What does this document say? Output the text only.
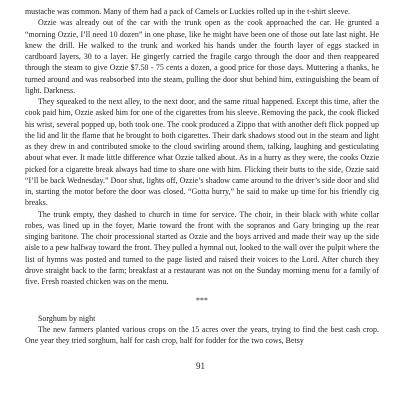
mustache was common. Many of them had a pack of Camels or Luckies rolled up in the t-shirt sleeve.

Ozzie was already out of the car with the trunk open as the cook approached the car. He grunted a “morning Ozzie, I’ll need 10 dozen” in one phase, like he might have been one of those out late last night. He knew the drill. He walked to the trunk and worked his hands under the fourth layer of eggs stacked in cardboard layers, 30 to a layer. He gingerly carried the fragile cargo through the door and then reappeared through the steam to give Ozzie $7.50 - 75 cents a dozen, a good price for those days. Muttering a thanks, he turned around and was reabsorbed into the steam, pulling the door shut behind him, extinguishing the beam of light. Darkness.

They squeaked to the next alley, to the next door, and the same ritual happened. Except this time, after the cook paid him, Ozzie asked him for one of the cigarettes from his sleeve. Removing the pack, the cook flicked his wrist, several popped up, both took one. The cook produced a Zippo that with another deft flick popped up the lid and lit the flame that he brought to both cigarettes. Their dark shadows stood out in the steam and light as they drew in and contributed smoke to the cloud swirling around them, talking, laughing and gesticulating about what ever. It made little difference what Ozzie talked about. As in a hurry as they were, the cooks Ozzie picked for a cigarette break always had time to share one with him. Flicking their butts to the side, Ozzie said “I’ll be back Wednesday.” Door shut, lights off, Ozzie’s shadow came around to the driver’s side door and slid in, starting the motor before the door was closed. “Gotta hurry,” he said to make up time for his friendly cig breaks.

The trunk empty, they dashed to church in time for service. The choir, in their black with white collar robes, was lined up in the foyer, Marie toward the front with the sopranos and Gary bringing up the rear singing baritone. The choir processional started as Ozzie and the boys arrived and made their way up the side aisle to a pew halfway toward the front. They pulled a hymnal out, looked to the wall over the pulpit where the list of hymns was posted and turned to the page listed and raised their voices to the Lord. After church they drove straight back to the farm; breakfast at a restaurant was not on the Sunday morning menu for a family of five. Fresh roasted chicken was on the menu.

***

Sorghum by night

The new farmers planted various crops on the 15 acres over the years, trying to find the best cash crop. One year they tried sorghum, half for cash crop, half for fodder for the two cows, Betsy

91
